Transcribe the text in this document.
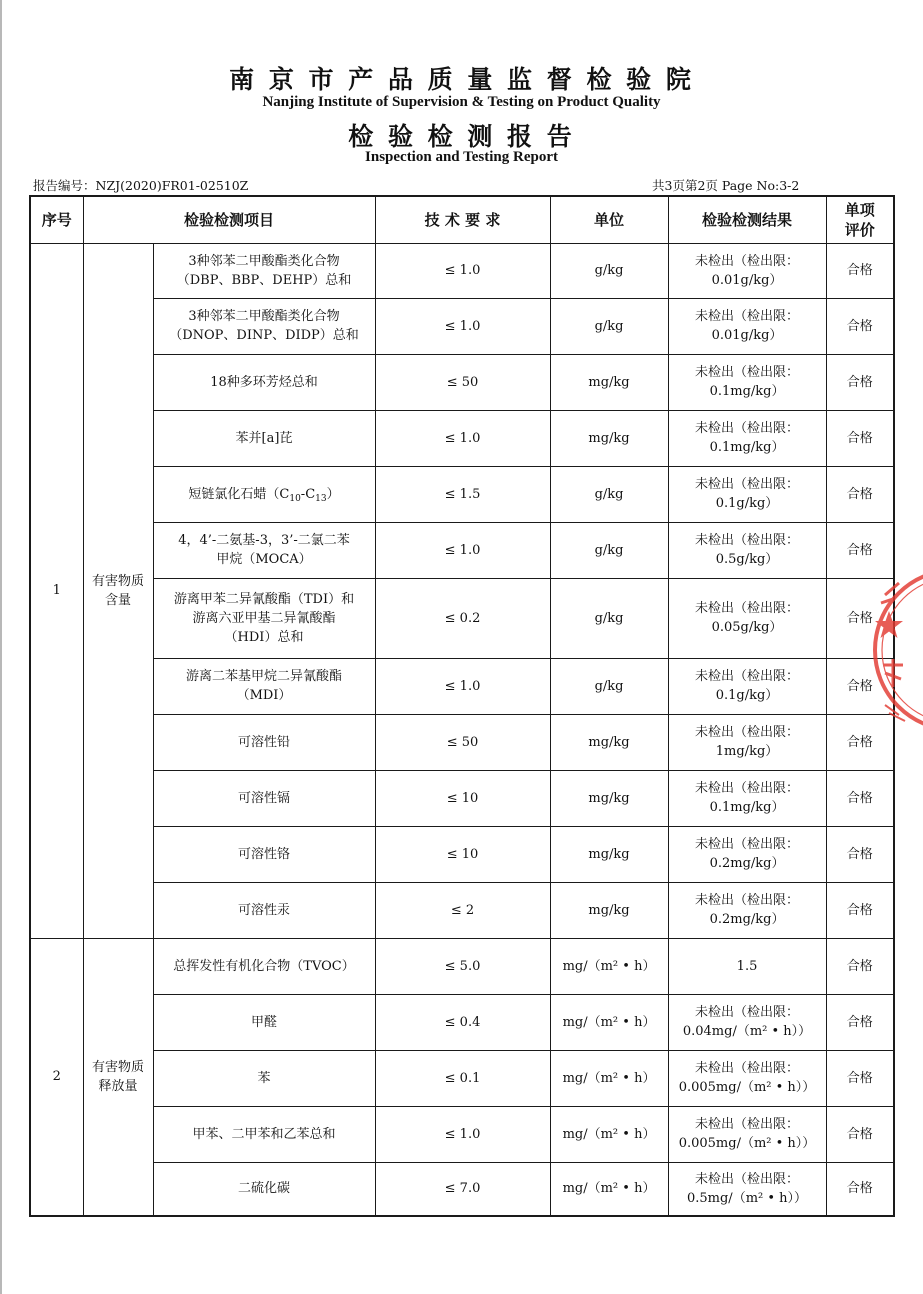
南 京 市 产 品 质 量 监 督 检 验 院
Nanjing Institute of Supervision & Testing on Product Quality
检 验 检 测 报 告
Inspection and Testing Report
报告编号：NZJ(2020)FR01-02510Z	共3页第2页 Page No:3-2
序号	检验检测项目		技 术 要 求	单位	检验检测结果	单项
评价
1	有害物质
含量	3种邻苯二甲酸酯类化合物
（DBP、BBP、DEHP）总和	≤ 1.0	g/kg	未检出（检出限：
0.01g/kg）	合格
		3种邻苯二甲酸酯类化合物
（DNOP、DINP、DIDP）总和	≤ 1.0	g/kg	未检出（检出限：
0.01g/kg）	合格
		18种多环芳烃总和	≤ 50	mg/kg	未检出（检出限：
0.1mg/kg）	合格
		苯并[a]芘	≤ 1.0	mg/kg	未检出（检出限：
0.1mg/kg）	合格
		短链氯化石蜡$(C_{10}-C_{13})$	≤ 1.5	g/kg	未检出（检出限：
0.1g/kg）	合格
		4，4’-二氨基-3，3’-二氯二苯
甲烷（MOCA）	≤ 1.0	g/kg	未检出（检出限：
0.5g/kg）	合格
		游离甲苯二异氰酸酯（TDI）和
游离六亚甲基二异氰酸酯
（HDI）总和	≤ 0.2	g/kg	未检出（检出限：
0.05g/kg）	合格
		游离二苯基甲烷二异氰酸酯
（MDI）	≤ 1.0	g/kg	未检出（检出限：
0.1g/kg）	合格
		可溶性铅	≤ 50	mg/kg	未检出（检出限：
1mg/kg）	合格
		可溶性镉	≤ 10	mg/kg	未检出（检出限：
0.1mg/kg）	合格
		可溶性铬	≤ 10	mg/kg	未检出（检出限：
0.2mg/kg）	合格
		可溶性汞	≤ 2	mg/kg	未检出（检出限：
0.2mg/kg）	合格
2	有害物质
释放量	总挥发性有机化合物（TVOC）	≤ 5.0	mg/（m² • h）	1.5	合格
		甲醛	≤ 0.4	mg/（m² • h）	未检出（检出限：
0.04mg/（m² • h））	合格
		苯	≤ 0.1	mg/（m² • h）	未检出（检出限：
0.005mg/（m² • h））	合格
		甲苯、二甲苯和乙苯总和	≤ 1.0	mg/（m² • h）	未检出（检出限：
0.005mg/（m² • h））	合格
		二硫化碳	≤ 7.0	mg/（m² • h）	未检出（检出限：
0.5mg/（m² • h））	合格
